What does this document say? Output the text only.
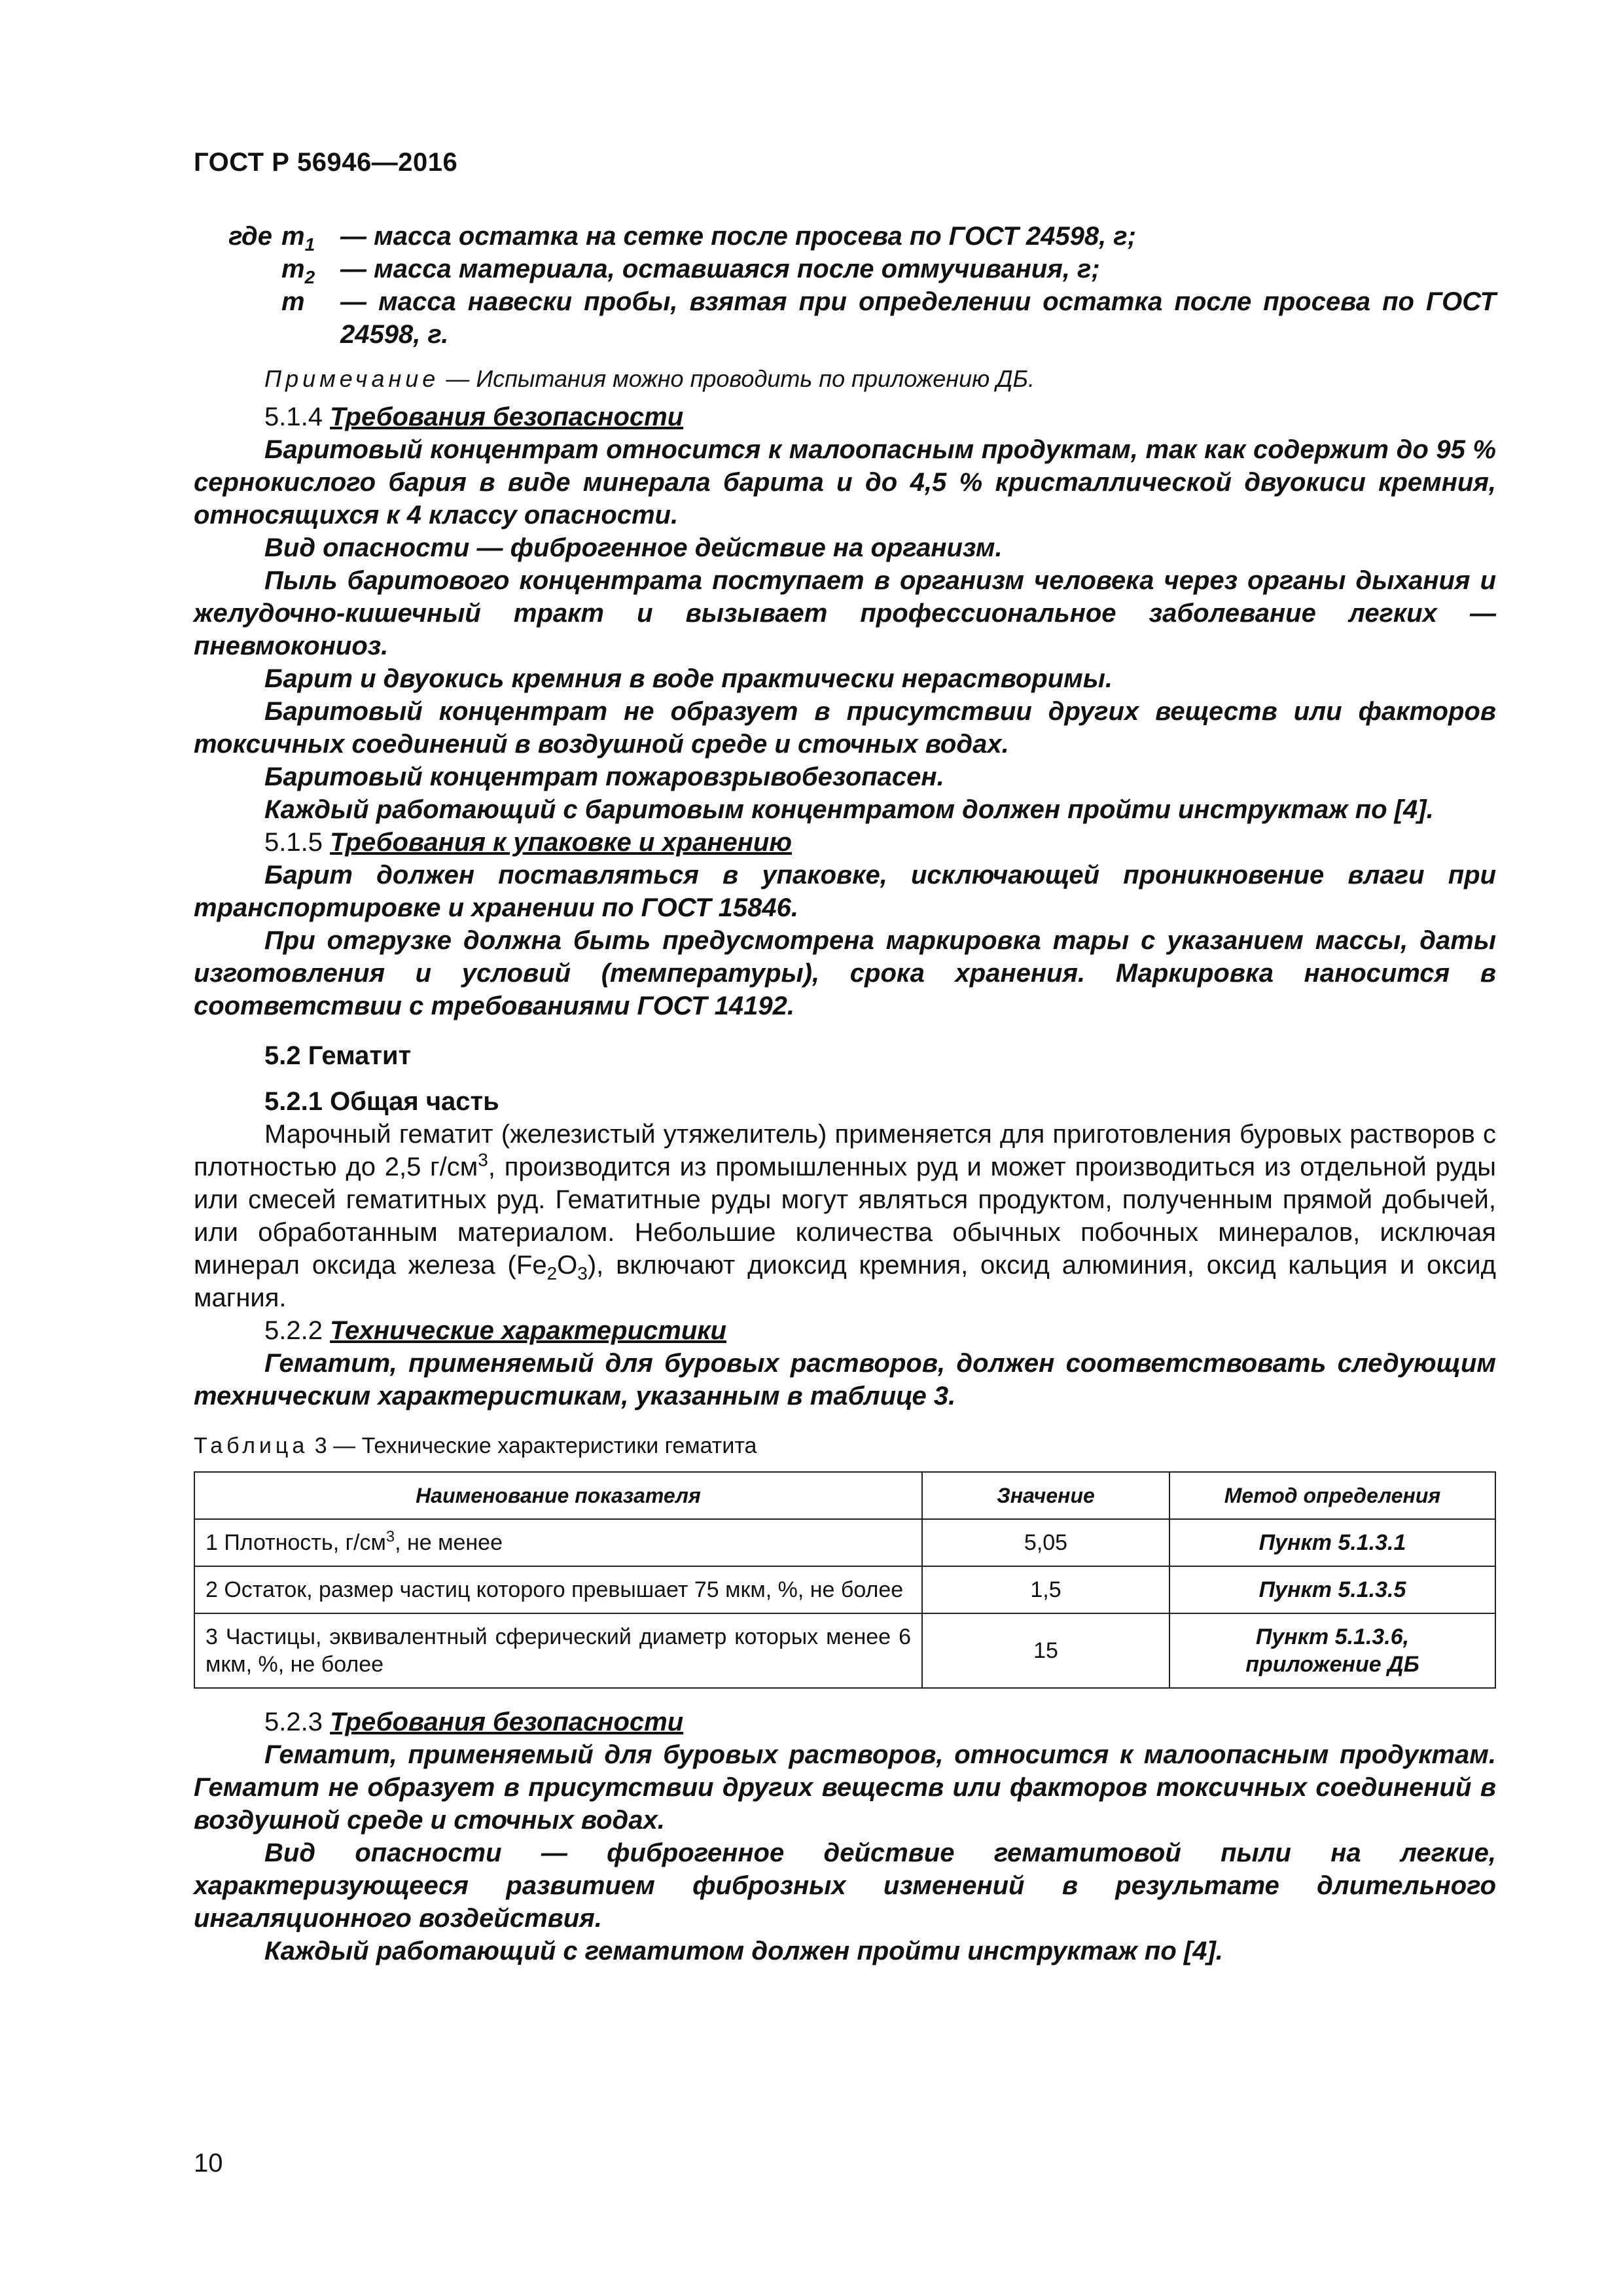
ГОСТ Р 56946—2016
где $m_1$ — масса остатка на сетке после просева по ГОСТ 24598, г;
$m_2$ — масса материала, оставшаяся после отмучивания, г;
m	— масса навески пробы, взятая при определении остатка после просева по ГОСТ 24598, г.

Примечание — Испытания можно проводить по приложению ДБ.

5.1.4 Требования безопасности

Баритовый концентрат относится к малоопасным продуктам, так как содержит до 95 % сернокислого бария в виде минерала барита и до 4,5 % кристаллической двуокиси кремния, относящихся к 4 классу опасности.

Вид опасности — фиброгенное действие на организм.

Пыль баритового концентрата поступает в организм человека через органы дыхания и желудочно-кишечный тракт и вызывает профессиональное заболевание легких — пневмокониоз.

Барит и двуокись кремния в воде практически нерастворимы.

Баритовый концентрат не образует в присутствии других веществ или факторов токсичных соединений в воздушной среде и сточных водах.

Баритовый концентрат пожаровзрывобезопасен.

Каждый работающий с баритовым концентратом должен пройти инструктаж по [4].

5.1.5 Требования к упаковке и хранению

Барит должен поставляться в упаковке, исключающей проникновение влаги при транспортировке и хранении по ГОСТ 15846.

При отгрузке должна быть предусмотрена маркировка тары с указанием массы, даты изготовления и условий (температуры), срока хранения. Маркировка наносится в соответствии с требованиями ГОСТ 14192.

5.2 Гематит

5.2.1 Общая часть

Марочный гематит (железистый утяжелитель) применяется для приготовления буровых растворов с плотностью до 2,5 $г/см^3$, производится из промышленных руд и может производиться из отдельной руды или смесей гематитных руд. Гематитные руды могут являться продуктом, полученным прямой добычей, или обработанным материалом. Небольшие количества обычных побочных минералов, исключая минерал оксида железа $(Fe_2O_3)$, включают диоксид кремния, оксид алюминия, оксид кальция и оксид магния.

5.2.2 Технические характеристики

Гематит, применяемый для буровых растворов, должен соответствовать следующим техническим характеристикам, указанным в таблице 3.

Таблица 3 — Технические характеристики гематита

Наименование показателя	Значение	Метод определения
1 Плотность, $г/см^3$, не менее	5,05	Пункт 5.1.3.1
2 Остаток, размер частиц которого превышает 75 мкм, %, не более	1,5	Пункт 5.1.3.5
3 Частицы, эквивалентный сферический диаметр которых менее 6 мкм, %, не более	15	Пункт 5.1.3.6,
приложение ДБ

5.2.3 Требования безопасности

Гематит, применяемый для буровых растворов, относится к малоопасным продуктам. Гематит не образует в присутствии других веществ или факторов токсичных соединений в воздушной среде и сточных водах.

Вид опасности — фиброгенное действие гематитовой пыли на легкие, характеризующееся развитием фиброзных изменений в результате длительного ингаляционного воздействия.

Каждый работающий с гематитом должен пройти инструктаж по [4].

10
